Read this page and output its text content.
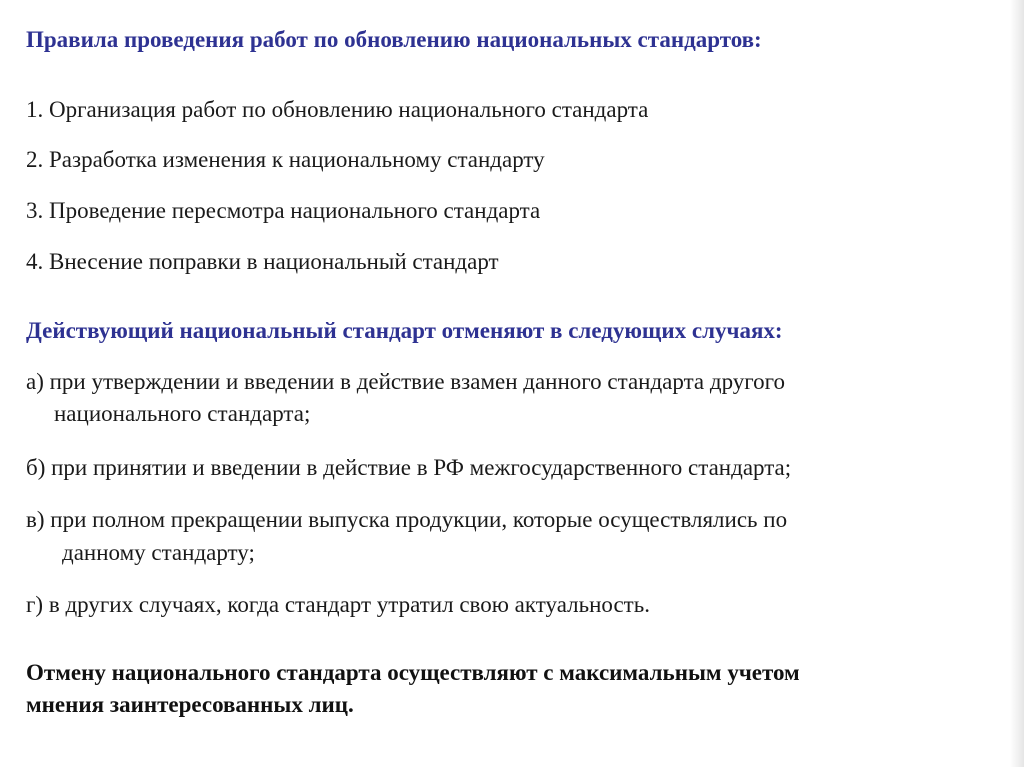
Правила проведения работ по обновлению национальных стандартов:
1. Организация работ по обновлению национального стандарта
2. Разработка изменения к национальному стандарту
3. Проведение пересмотра национального стандарта
4. Внесение поправки в национальный стандарт
Действующий национальный стандарт отменяют в следующих случаях:
а) при утверждении и введении в действие взамен данного стандарта другого
национального стандарта;
б) при принятии и введении в действие в РФ межгосударственного стандарта;
в) при полном прекращении выпуска продукции, которые осуществлялись по
данному стандарту;
г) в других случаях, когда стандарт утратил свою актуальность.
Отмену национального стандарта осуществляют с максимальным учетом
мнения заинтересованных лиц.
